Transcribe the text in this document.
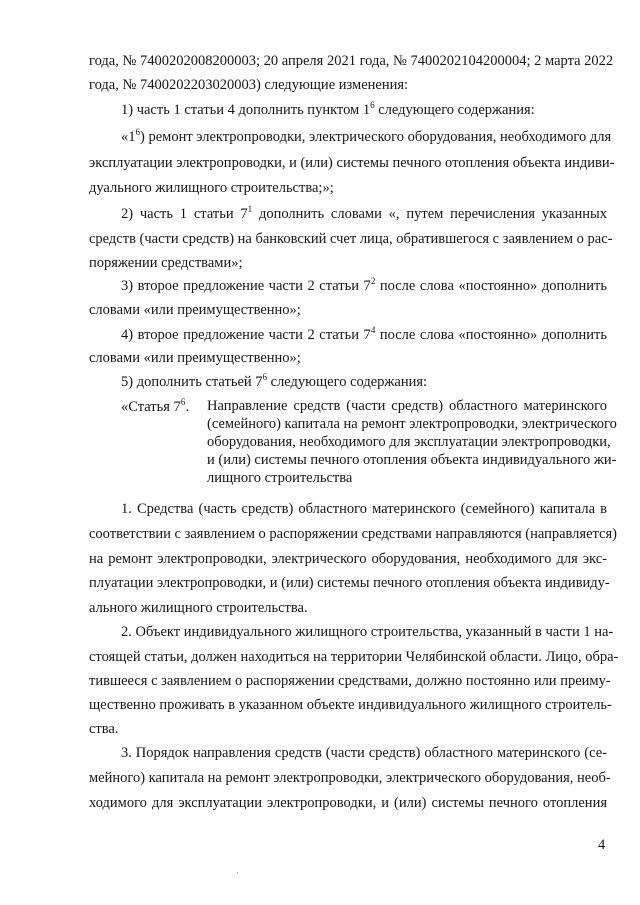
года, № 7400202008200003; 20 апреля 2021 года, № 7400202104200004; 2 марта 2022
года, № 7400202203020003) следующие изменения:
1) часть 1 статьи 4 дополнить пунктом $1^6$ следующего содержания:
«$1^6$) ремонт электропроводки, электрического оборудования, необходимого для
эксплуатации электропроводки, и (или) системы печного отопления объекта индиви-
дуального жилищного строительства;»;
2) часть 1 статьи $7^1$ дополнить словами «, путем перечисления указанных
средств (части средств) на банковский счет лица, обратившегося с заявлением о рас-
поряжении средствами»;
3) второе предложение части 2 статьи $7^2$ после слова «постоянно» дополнить
словами «или преимущественно»;
4) второе предложение части 2 статьи $7^4$ после слова «постоянно» дополнить
словами «или преимущественно»;
5) дополнить статьей $7^6$ следующего содержания:
«Статья $7^6$. Направление средств (части средств) областного материнского
(семейного) капитала на ремонт электропроводки, электрического
оборудования, необходимого для эксплуатации электропроводки,
и (или) системы печного отопления объекта индивидуального жи-
лищного строительства
1. Средства (часть средств) областного материнского (семейного) капитала в
соответствии с заявлением о распоряжении средствами направляются (направляется)
на ремонт электропроводки, электрического оборудования, необходимого для экс-
плуатации электропроводки, и (или) системы печного отопления объекта индивиду-
ального жилищного строительства.
2. Объект индивидуального жилищного строительства, указанный в части 1 на-
стоящей статьи, должен находиться на территории Челябинской области. Лицо, обра-
тившееся с заявлением о распоряжении средствами, должно постоянно или преиму-
щественно проживать в указанном объекте индивидуального жилищного строитель-
ства.
3. Порядок направления средств (части средств) областного материнского (се-
мейного) капитала на ремонт электропроводки, электрического оборудования, необ-
ходимого для эксплуатации электропроводки, и (или) системы печного отопления
4
